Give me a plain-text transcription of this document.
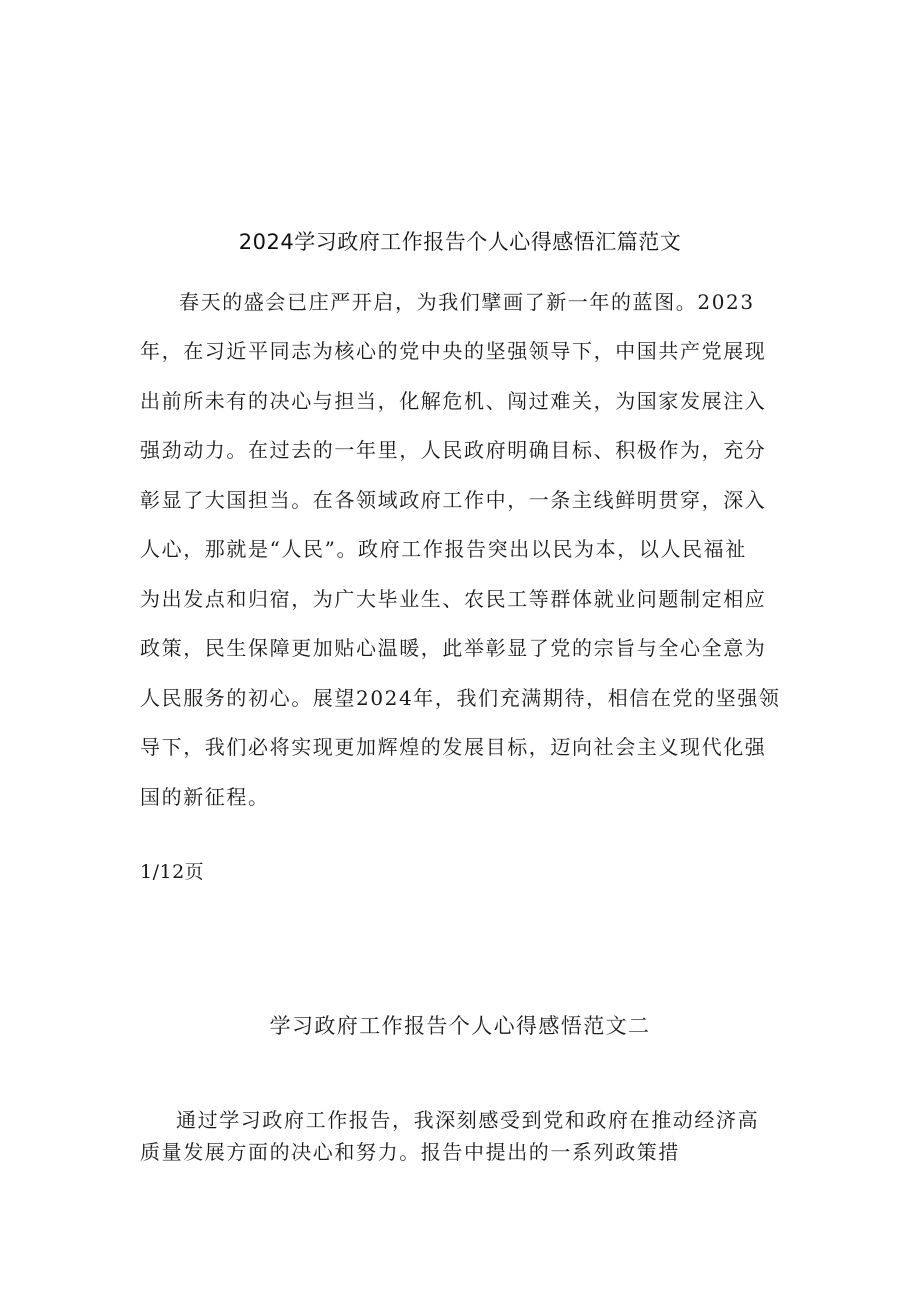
2024学习政府工作报告个人心得感悟汇篇范文
春天的盛会已庄严开启，为我们擘画了新一年的蓝图。2023
年，在习近平同志为核心的党中央的坚强领导下，中国共产党展现
出前所未有的决心与担当，化解危机、闯过难关，为国家发展注入
强劲动力。在过去的一年里，人民政府明确目标、积极作为，充分
彰显了大国担当。在各领域政府工作中，一条主线鲜明贯穿，深入
人心，那就是“人民”。政府工作报告突出以民为本，以人民福祉
为出发点和归宿，为广大毕业生、农民工等群体就业问题制定相应
政策，民生保障更加贴心温暖，此举彰显了党的宗旨与全心全意为
人民服务的初心。展望2024年，我们充满期待，相信在党的坚强领
导下，我们必将实现更加辉煌的发展目标，迈向社会主义现代化强
国的新征程。

1/12页

学习政府工作报告个人心得感悟范文二
通过学习政府工作报告，我深刻感受到党和政府在推动经济高
质量发展方面的决心和努力。报告中提出的一系列政策措
